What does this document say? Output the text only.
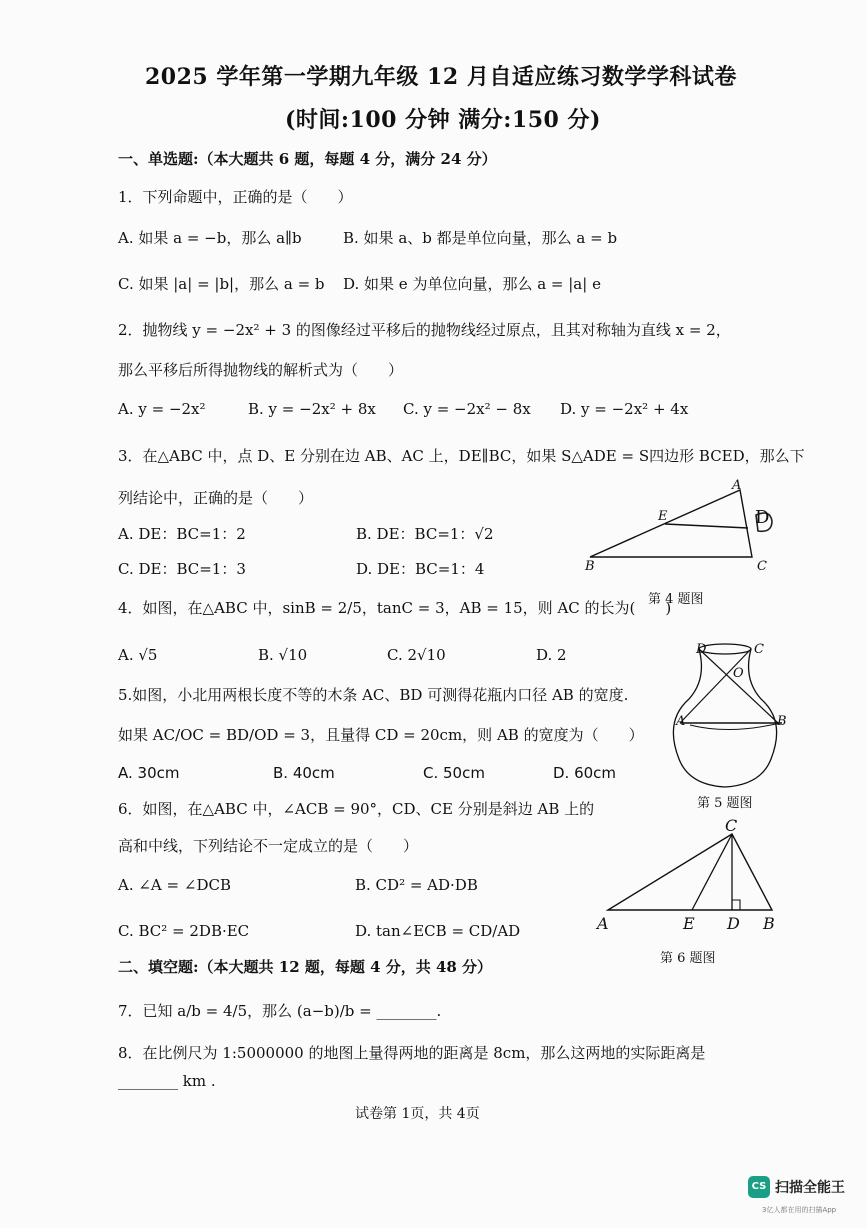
2025 学年第一学期九年级 12 月自适应练习数学学科试卷
(时间:100 分钟 满分:150 分)
一、单选题:（本大题共 6 题，每题 4 分，满分 24 分）
1．下列命题中，正确的是（　　）
A. 如果 a = −b，那么 a∥b	B. 如果 a、b 都是单位向量，那么 a = b
C. 如果 |a| = |b|，那么 a = b D. 如果 e 为单位向量，那么 a = |a| e
2．抛物线 y = −2x² + 3 的图像经过平移后的抛物线经过原点，且其对称轴为直线 x = 2，
那么平移后所得抛物线的解析式为（　　）
A. y = −2x²	B. y = −2x² + 8x C. y = −2x² − 8x D. y = −2x² + 4x
3．在△ABC 中，点 D、E 分别在边 AB、AC 上，DE∥BC，如果 S△ADE = S四边形 BCED，那么下
列结论中，正确的是（　　）
A. DE：BC=1：2	B. DE：BC=1：√2
C. DE：BC=1：3	D. DE：BC=1：4
A
E	D
B	C
第 4 题图
4．如图，在△ABC 中，sinB = 2/5，tanC = 3，AB = 15，则 AC 的长为(　　)
A. √5	B. √10	C. 2√10	D. 2	D	C
O
A	B
第 5 题图
5.如图，小北用两根长度不等的木条 AC、BD 可测得花瓶内口径 AB 的宽度.
如果 AC/OC = BD/OD = 3，且量得 CD = 20cm，则 AB 的宽度为（　　）
A. 30cm	B. 40cm	C. 50cm	D. 60cm
C
A	E D B
第 6 题图
6．如图，在△ABC 中，∠ACB = 90°，CD、CE 分别是斜边 AB 上的
高和中线，下列结论不一定成立的是（　　）
A. ∠A = ∠DCB	B. CD² = AD·DB
C. BC² = 2DB·EC	D. tan∠ECB = CD/AD
二、填空题:（本大题共 12 题，每题 4 分，共 48 分）
7．已知 a/b = 4/5，那么 (a−b)/b = ________.
8．在比例尺为 1:5000000 的地图上量得两地的距离是 8cm，那么这两地的实际距离是
________ km .
试卷第 1页，共 4页
CS 扫描全能王
3亿人都在用的扫描App
